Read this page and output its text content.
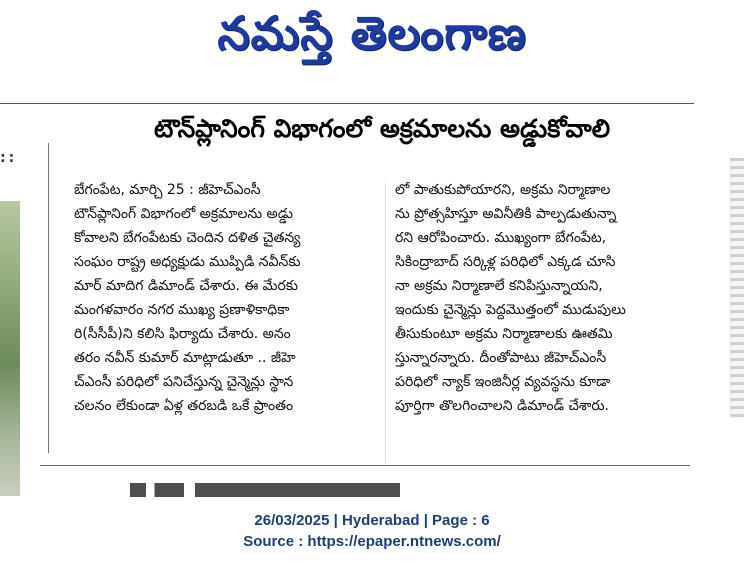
నమస్తే తెలంగాణ
::
టౌన్‌ప్లానింగ్‌ విభాగంలో అక్రమాలను అడ్డుకోవాలి
బేగంపేట, మార్చి 25 : జీహెచ్‌ఎంసీ
టౌన్‌ప్లానింగ్‌ విభాగంలో అక్రమాలను అడ్డు
కోవాలని బేగంపేటకు చెందిన దళిత చైతన్య
సంఘం రాష్ట్ర అధ్యక్షుడు ముప్పిడి నవీన్‌కు
మార్‌ మాదిగ డిమాండ్‌ చేశారు. ఈ మేరకు
మంగళవారం నగర ముఖ్య ప్రణాళికాధికా
రి(సీసీపీ)ని కలిసి ఫిర్యాదు చేశారు. అనం
తరం నవీన్‌ కుమార్‌ మాట్లాడుతూ .. జీహె
చ్‌ఎంసీ పరిధిలో పనిచేస్తున్న చైన్మెన్లు స్థాన
చలనం లేకుండా ఏళ్ల తరబడి ఒకే ప్రాంతం
లో పాతుకుపోయారని, అక్రమ నిర్మాణాల
ను ప్రోత్సహిస్తూ అవినీతికి పాల్పడుతున్నా
రని ఆరోపించారు. ముఖ్యంగా బేగంపేట,
సికింద్రాబాద్‌ సర్కిళ్ల పరిధిలో ఎక్కడ చూసి
నా అక్రమ నిర్మాణాలే కనిపిస్తున్నాయని,
ఇందుకు చైన్మెన్లు పెద్దమొత్తంలో ముడుపులు
తీసుకుంటూ అక్రమ నిర్మాణాలకు ఊతమి
స్తున్నారన్నారు. దీంతోపాటు జీహెచ్‌ఎంసీ
పరిధిలో న్యాక్‌ ఇంజినీర్ల వ్యవస్థను కూడా
పూర్తిగా తొలగించాలని డిమాండ్‌ చేశారు.
26/03/2025 | Hyderabad | Page : 6
Source : https://epaper.ntnews.com/
